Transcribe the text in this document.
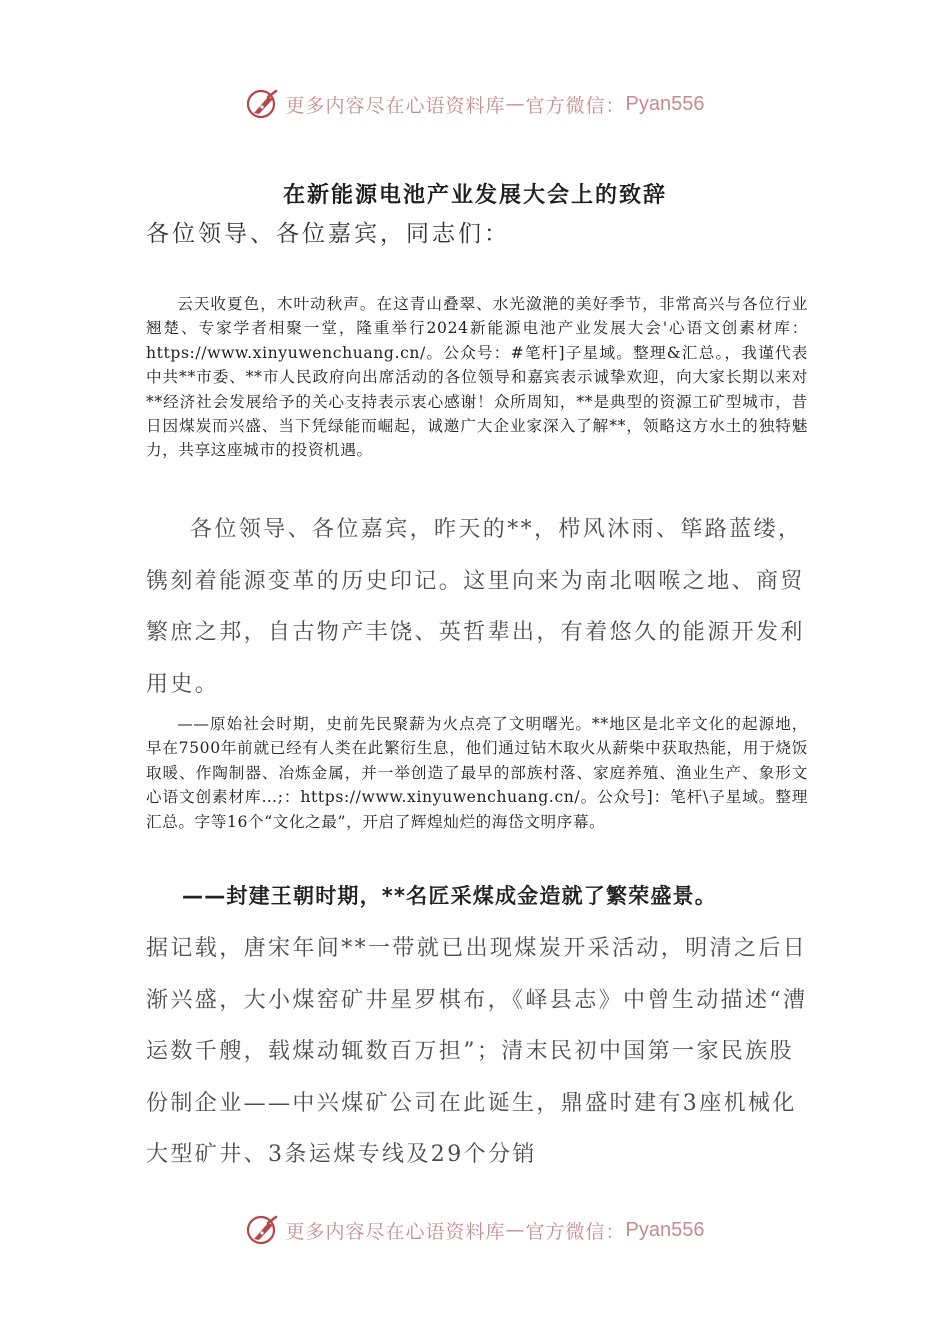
更多内容尽在心语资料库 — 官方微信： Pyan556
在新能源电池产业发展大会上的致辞
各位领导、各位嘉宾，同志们：

云天收夏色，木叶动秋声。在这青山叠翠、水光潋滟的美好季节，非常高兴与各位行业翘楚、专家学者相聚一堂，隆重举行2024新能源电池产业发展大会'心语文创素材库：https://www.xinyuwenchuang.cn/。公众号：#笔杆]子星域。整理&汇总。，我谨代表中共**市委、**市人民政府向出席活动的各位领导和嘉宾表示诚挚欢迎，向大家长期以来对**经济社会发展给予的关心支持表示衷心感谢！众所周知，**是典型的资源工矿型城市，昔日因煤炭而兴盛、当下凭绿能而崛起，诚邀广大企业家深入了解**，领略这方水土的独特魅力，共享这座城市的投资机遇。

各位领导、各位嘉宾，昨天的**，栉风沐雨、筚路蓝缕，镌刻着能源变革的历史印记。这里向来为南北咽喉之地、商贸繁庶之邦，自古物产丰饶、英哲辈出，有着悠久的能源开发利用史。

——原始社会时期，史前先民聚薪为火点亮了文明曙光。**地区是北辛文化的起源地，早在7500年前就已经有人类在此繁衍生息，他们通过钻木取火从薪柴中获取热能，用于烧饭取暖、作陶制器、冶炼金属，并一举创造了最早的部族村落、家庭养殖、渔业生产、象形文心语文创素材库…;：https://www.xinyuwenchuang.cn/。公众号]：笔杆\子星域。整理汇总。字等16个“文化之最”，开启了辉煌灿烂的海岱文明序幕。

——封建王朝时期，**名匠采煤成金造就了繁荣盛景。

据记载，唐宋年间**一带就已出现煤炭开采活动，明清之后日渐兴盛，大小煤窑矿井星罗棋布，《峄县志》中曾生动描述“漕运数千艘，载煤动辄数百万担”；清末民初中国第一家民族股份制企业——中兴煤矿公司在此诞生，鼎盛时建有3座机械化大型矿井、3条运煤专线及29个分销

更多内容尽在心语资料库 — 官方微信： Pyan556
